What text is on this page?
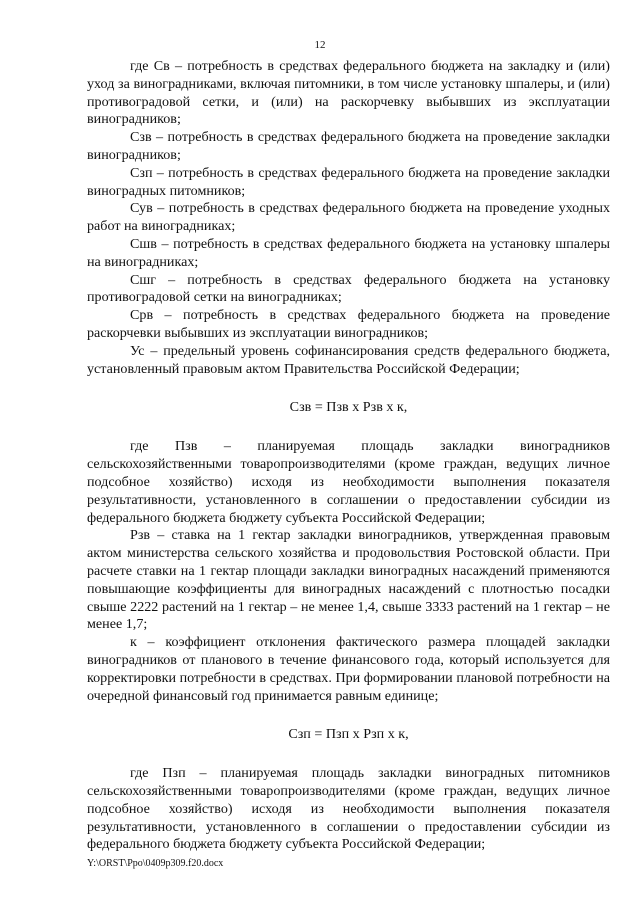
12

где Св – потребность в средствах федерального бюджета на закладку и (или) уход за виноградниками, включая питомники, в том числе установку шпалеры, и (или) противоградовой сетки, и (или) на раскорчевку выбывших из эксплуатации виноградников;

Сзв – потребность в средствах федерального бюджета на проведение закладки виноградников;

Сзп – потребность в средствах федерального бюджета на проведение закладки виноградных питомников;

Сув – потребность в средствах федерального бюджета на проведение уходных работ на виноградниках;

Сшв – потребность в средствах федерального бюджета на установку шпалеры на виноградниках;

Сшг – потребность в средствах федерального бюджета на установку противоградовой сетки на виноградниках;

Срв – потребность в средствах федерального бюджета на проведение раскорчевки выбывших из эксплуатации виноградников;

Ус – предельный уровень софинансирования средств федерального бюджета, установленный правовым актом Правительства Российской Федерации;

Сзв = Пзв х Рзв х к,

где Пзв – планируемая площадь закладки виноградников сельскохозяйственными товаропроизводителями (кроме граждан, ведущих личное подсобное хозяйство) исходя из необходимости выполнения показателя результативности, установленного в соглашении о предоставлении субсидии из федерального бюджета бюджету субъекта Российской Федерации;

Рзв – ставка на 1 гектар закладки виноградников, утвержденная правовым актом министерства сельского хозяйства и продовольствия Ростовской области. При расчете ставки на 1 гектар площади закладки виноградных насаждений применяются повышающие коэффициенты для виноградных насаждений с плотностью посадки свыше 2222 растений на 1 гектар – не менее 1,4, свыше 3333 растений на 1 гектар – не менее 1,7;

к – коэффициент отклонения фактического размера площадей закладки виноградников от планового в течение финансового года, который используется для корректировки потребности в средствах. При формировании плановой потребности на очередной финансовый год принимается равным единице;

Сзп = Пзп х Рзп х к,

где Пзп – планируемая площадь закладки виноградных питомников сельскохозяйственными товаропроизводителями (кроме граждан, ведущих личное подсобное хозяйство) исходя из необходимости выполнения показателя результативности, установленного в соглашении о предоставлении субсидии из федерального бюджета бюджету субъекта Российской Федерации;

Y:\ORST\Ppo\0409p309.f20.docx
